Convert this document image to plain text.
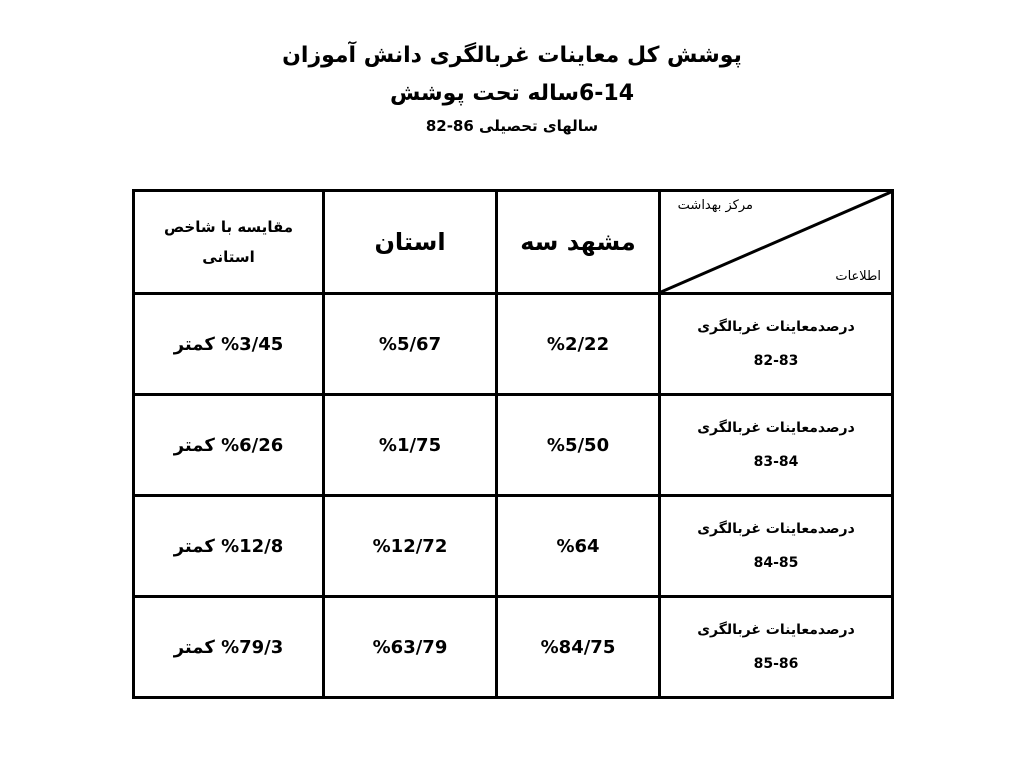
پوشش کل معاینات غربالگری دانش آموزان
6-14ساله تحت پوشش
سالهای تحصیلی 86-82
مقایسه با شاخص استانی	استان	مشهد سه	مرکز بهداشت
اطلاعات

%3/45 کمتر	%5/67	%2/22	درصدمعاینات غربالگری
82-83

%6/26 کمتر	%1/75	%5/50	درصدمعاینات غربالگری
83-84

%12/8 کمتر	%12/72	%64	درصدمعاینات غربالگری
84-85

%79/3 کمتر	%63/79	%84/75	درصدمعاینات غربالگری
85-86
